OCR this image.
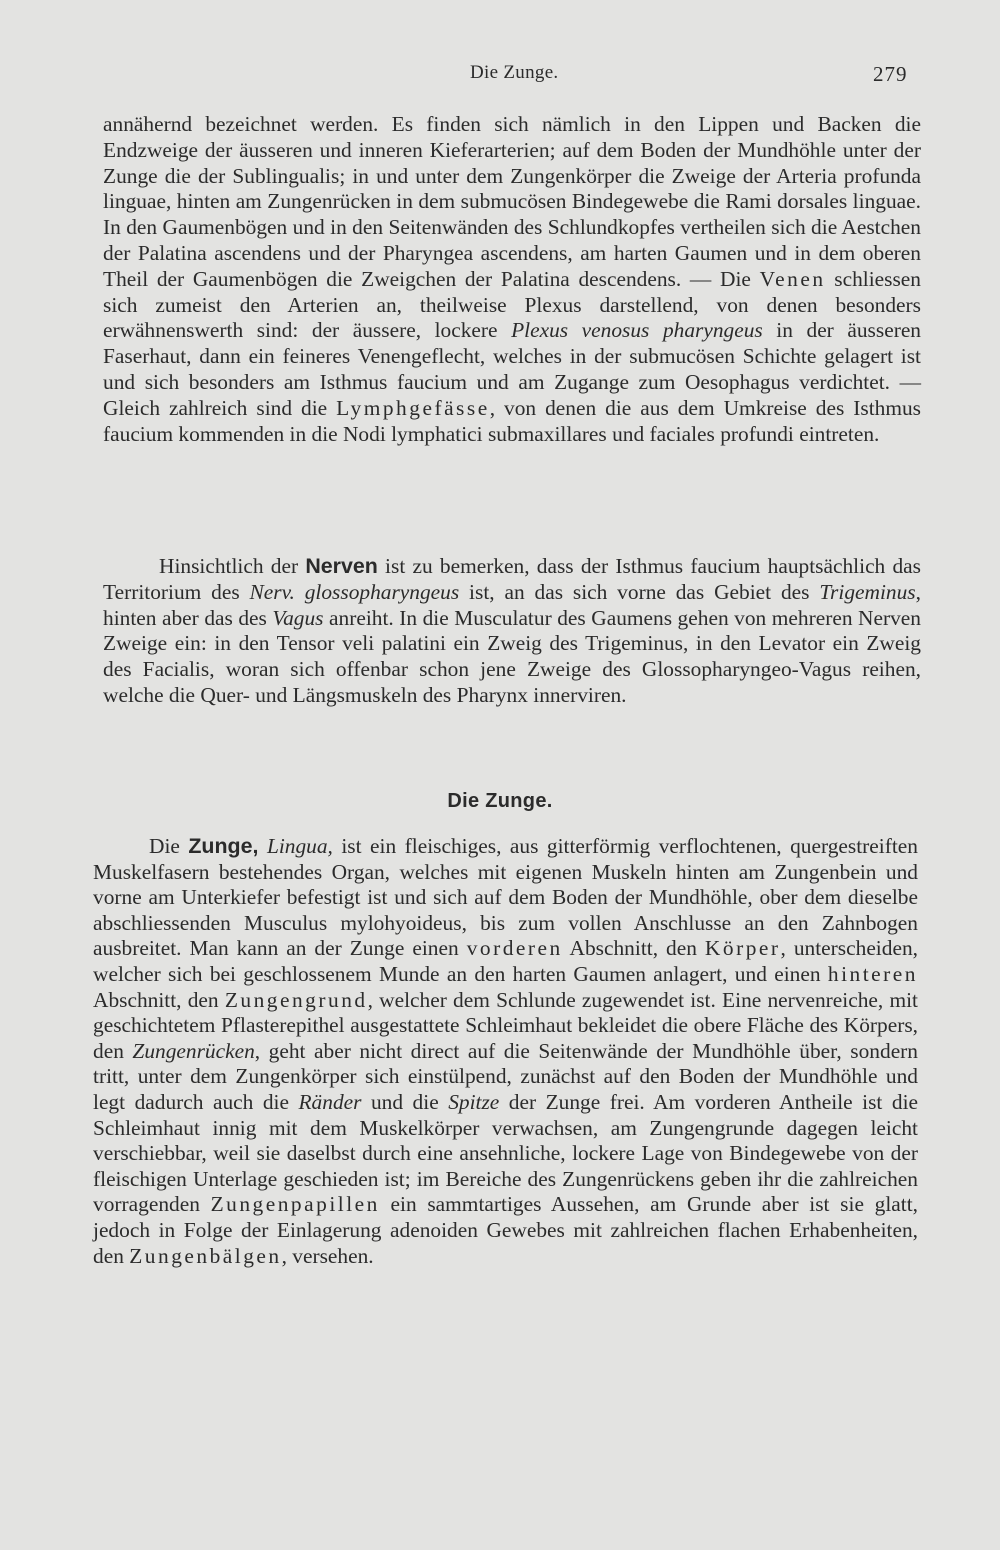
Die Zunge.	279

annähernd bezeichnet werden. Es finden sich nämlich in den Lippen und Backen die Endzweige der äusseren und inneren Kieferarterien; auf dem Boden der Mundhöhle unter der Zunge die der Sublingualis; in und unter dem Zungenkörper die Zweige der Arteria profunda linguae, hinten am Zungenrücken in dem submucösen Bindegewebe die Rami dorsales linguae. In den Gaumenbögen und in den Seitenwänden des Schlundkopfes vertheilen sich die Aestchen der Palatina ascendens und der Pharyngea ascendens, am harten Gaumen und in dem oberen Theil der Gaumenbögen die Zweigchen der Palatina descendens. — Die Venen schliessen sich zumeist den Arterien an, theilweise Plexus darstellend, von denen besonders erwähnenswerth sind: der äussere, lockere Plexus venosus pharyngeus in der äusseren Faserhaut, dann ein feineres Venengeflecht, welches in der submucösen Schichte gelagert ist und sich besonders am Isthmus faucium und am Zugange zum Oesophagus verdichtet. — Gleich zahlreich sind die Lymphgefässe, von denen die aus dem Umkreise des Isthmus faucium kommenden in die Nodi lymphatici submaxillares und faciales profundi eintreten.

Hinsichtlich der Nerven ist zu bemerken, dass der Isthmus faucium hauptsächlich das Territorium des Nerv. glossopharyngeus ist, an das sich vorne das Gebiet des Trigeminus, hinten aber das des Vagus anreiht. In die Musculatur des Gaumens gehen von mehreren Nerven Zweige ein: in den Tensor veli palatini ein Zweig des Trigeminus, in den Levator ein Zweig des Facialis, woran sich offenbar schon jene Zweige des Glossopharyngeo-Vagus reihen, welche die Quer- und Längsmuskeln des Pharynx innerviren.

Die Zunge.

Die Zunge, Lingua, ist ein fleischiges, aus gitterförmig verflochtenen, quergestreiften Muskelfasern bestehendes Organ, welches mit eigenen Muskeln hinten am Zungenbein und vorne am Unterkiefer befestigt ist und sich auf dem Boden der Mundhöhle, ober dem dieselbe abschliessenden Musculus mylohyoideus, bis zum vollen Anschlusse an den Zahnbogen ausbreitet. Man kann an der Zunge einen vorderen Abschnitt, den Körper, unterscheiden, welcher sich bei geschlossenem Munde an den harten Gaumen anlagert, und einen hinteren Abschnitt, den Zungengrund, welcher dem Schlunde zugewendet ist. Eine nervenreiche, mit geschichtetem Pflasterepithel ausgestattete Schleimhaut bekleidet die obere Fläche des Körpers, den Zungenrücken, geht aber nicht direct auf die Seitenwände der Mundhöhle über, sondern tritt, unter dem Zungenkörper sich einstülpend, zunächst auf den Boden der Mundhöhle und legt dadurch auch die Ränder und die Spitze der Zunge frei. Am vorderen Antheile ist die Schleimhaut innig mit dem Muskelkörper verwachsen, am Zungengrunde dagegen leicht verschiebbar, weil sie daselbst durch eine ansehnliche, lockere Lage von Bindegewebe von der fleischigen Unterlage geschieden ist; im Bereiche des Zungenrückens geben ihr die zahlreichen vorragenden Zungenpapillen ein sammtartiges Aussehen, am Grunde aber ist sie glatt, jedoch in Folge der Einlagerung adenoiden Gewebes mit zahlreichen flachen Erhabenheiten, den Zungenbälgen, versehen.
